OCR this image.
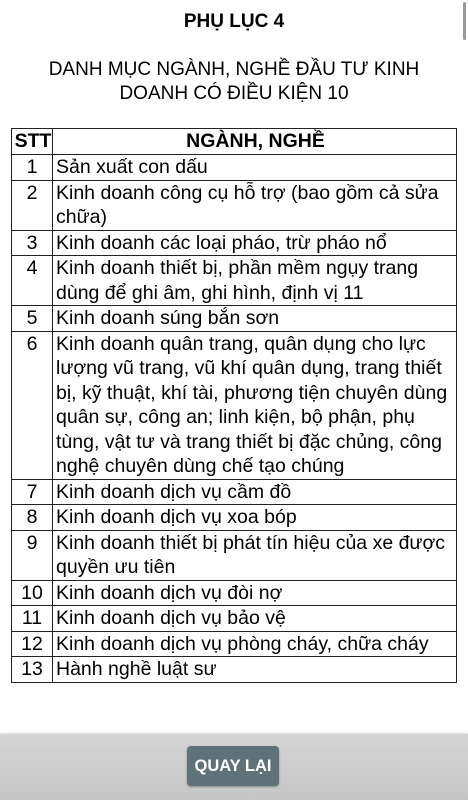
PHỤ LỤC 4
DANH MỤC NGÀNH, NGHỀ ĐẦU TƯ KINH DOANH CÓ ĐIỀU KIỆN 10
STT	NGÀNH, NGHỀ
1	Sản xuất con dấu
2	Kinh doanh công cụ hỗ trợ (bao gồm cả sửa chữa)
3	Kinh doanh các loại pháo, trừ pháo nổ
4	Kinh doanh thiết bị, phần mềm ngụy trang dùng để ghi âm, ghi hình, định vị 11
5	Kinh doanh súng bắn sơn
6	Kinh doanh quân trang, quân dụng cho lực lượng vũ trang, vũ khí quân dụng, trang thiết bị, kỹ thuật, khí tài, phương tiện chuyên dùng quân sự, công an; linh kiện, bộ phận, phụ tùng, vật tư và trang thiết bị đặc chủng, công nghệ chuyên dùng chế tạo chúng
7	Kinh doanh dịch vụ cầm đồ
8	Kinh doanh dịch vụ xoa bóp
9	Kinh doanh thiết bị phát tín hiệu của xe được quyền ưu tiên
10	Kinh doanh dịch vụ đòi nợ
11	Kinh doanh dịch vụ bảo vệ
12	Kinh doanh dịch vụ phòng cháy, chữa cháy
13	Hành nghề luật sư
QUAY LẠI
